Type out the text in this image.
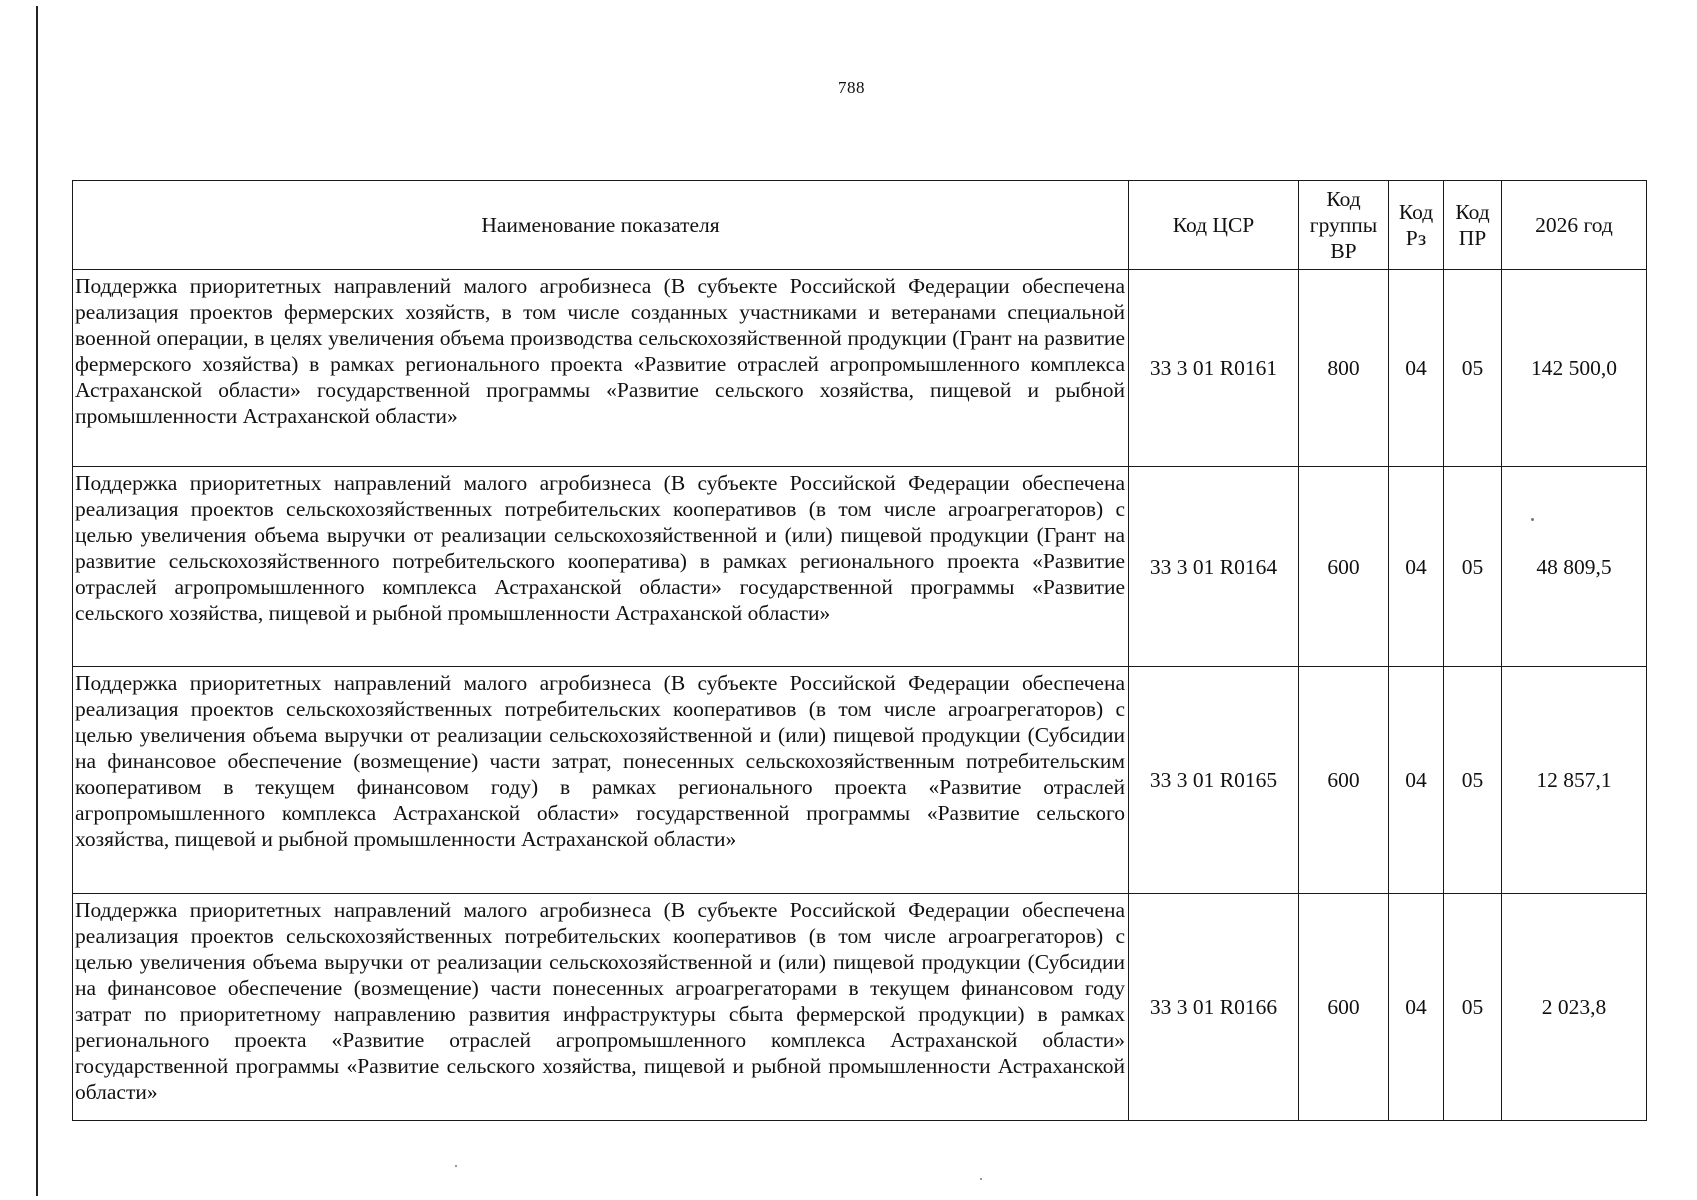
788
Наименование показателя	Код ЦСР	Код группы ВР	Код Рз	Код ПР	2026 год
Поддержка приоритетных направлений малого агробизнеса (В субъекте Российской Федерации обеспечена реализация проектов фермерских хозяйств, в том числе созданных участниками и ветеранами специальной военной операции, в целях увеличения объема производства сельскохозяйственной продукции (Грант на развитие фермерского хозяйства) в рамках регионального проекта «Развитие отраслей агропромышленного комплекса Астраханской области» государственной программы «Развитие сельского хозяйства, пищевой и рыбной промышленности Астраханской области»	33 3 01 R0161	800	04	05	142 500,0
Поддержка приоритетных направлений малого агробизнеса (В субъекте Российской Федерации обеспечена реализация проектов сельскохозяйственных потребительских кооперативов (в том числе агроагрегаторов) с целью увеличения объема выручки от реализации сельскохозяйственной и (или) пищевой продукции (Грант на развитие сельскохозяйственного потребительского кооператива) в рамках регионального проекта «Развитие отраслей агропромышленного комплекса Астраханской области» государственной программы «Развитие сельского хозяйства, пищевой и рыбной промышленности Астраханской области»	33 3 01 R0164	600	04	05	48 809,5
Поддержка приоритетных направлений малого агробизнеса (В субъекте Российской Федерации обеспечена реализация проектов сельскохозяйственных потребительских кооперативов (в том числе агроагрегаторов) с целью увеличения объема выручки от реализации сельскохозяйственной и (или) пищевой продукции (Субсидии на финансовое обеспечение (возмещение) части затрат, понесенных сельскохозяйственным потребительским кооперативом в текущем финансовом году) в рамках регионального проекта «Развитие отраслей агропромышленного комплекса Астраханской области» государственной программы «Развитие сельского хозяйства, пищевой и рыбной промышленности Астраханской области»	33 3 01 R0165	600	04	05	12 857,1
Поддержка приоритетных направлений малого агробизнеса (В субъекте Российской Федерации обеспечена реализация проектов сельскохозяйственных потребительских кооперативов (в том числе агроагрегаторов) с целью увеличения объема выручки от реализации сельскохозяйственной и (или) пищевой продукции (Субсидии на финансовое обеспечение (возмещение) части понесенных агроагрегаторами в текущем финансовом году затрат по приоритетному направлению развития инфраструктуры сбыта фермерской продукции) в рамках регионального проекта «Развитие отраслей агропромышленного комплекса Астраханской области» государственной программы «Развитие сельского хозяйства, пищевой и рыбной промышленности Астраханской области»	33 3 01 R0166	600	04	05	2 023,8
